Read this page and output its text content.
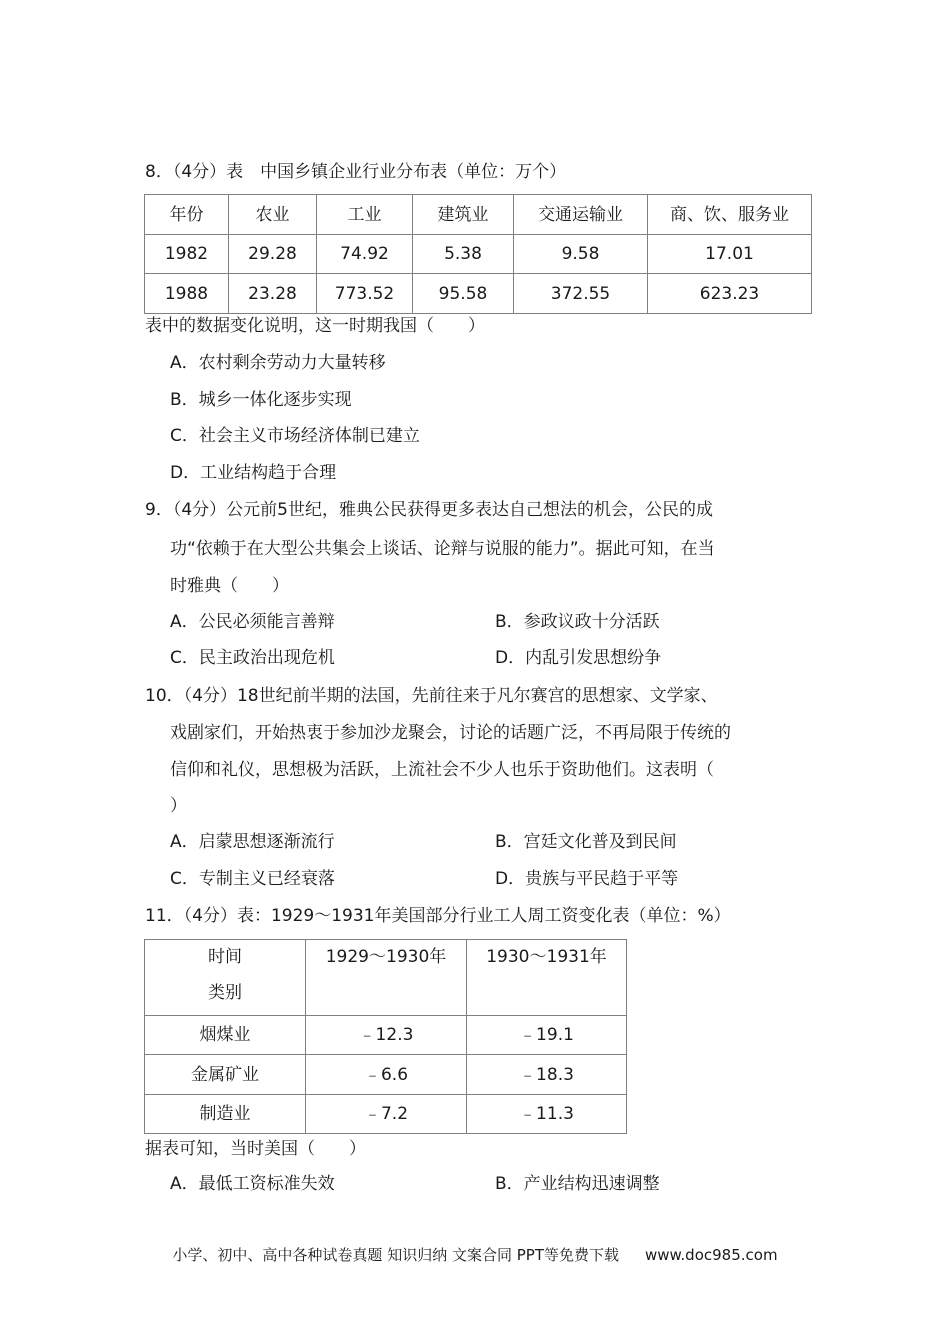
8．（4分）表　中国乡镇企业行业分布表（单位：万个）
年份	农业	工业	建筑业	交通运输业	商、饮、服务业
1982	29.28	74.92	5.38	9.58	17.01
1988	23.28	773.52	95.58	372.55	623.23
表中的数据变化说明，这一时期我国（　　）
A．农村剩余劳动力大量转移
B．城乡一体化逐步实现
C．社会主义市场经济体制已建立
D．工业结构趋于合理
9．（4分）公元前5世纪，雅典公民获得更多表达自己想法的机会，公民的成
功“依赖于在大型公共集会上谈话、论辩与说服的能力”。据此可知，在当
时雅典（　　）
A．公民必须能言善辩	B．参政议政十分活跃
C．民主政治出现危机	D．内乱引发思想纷争
10．（4分）18世纪前半期的法国，先前往来于凡尔赛宫的思想家、文学家、
戏剧家们，开始热衷于参加沙龙聚会，讨论的话题广泛，不再局限于传统的
信仰和礼仪，思想极为活跃，上流社会不少人也乐于资助他们。这表明（
）
A．启蒙思想逐渐流行	B．宫廷文化普及到民间
C．专制主义已经衰落	D．贵族与平民趋于平等
11．（4分）表：1929～1931年美国部分行业工人周工资变化表（单位：%）
时间
类别	1929～1930年	1930～1931年
烟煤业	﹣12.3	﹣19.1
金属矿业	﹣6.6	﹣18.3
制造业	﹣7.2	﹣11.3
据表可知，当时美国（　　）
A．最低工资标准失效	B．产业结构迅速调整
小学、初中、高中各种试卷真题 知识归纳 文案合同 PPT等免费下载 www.doc985.com
